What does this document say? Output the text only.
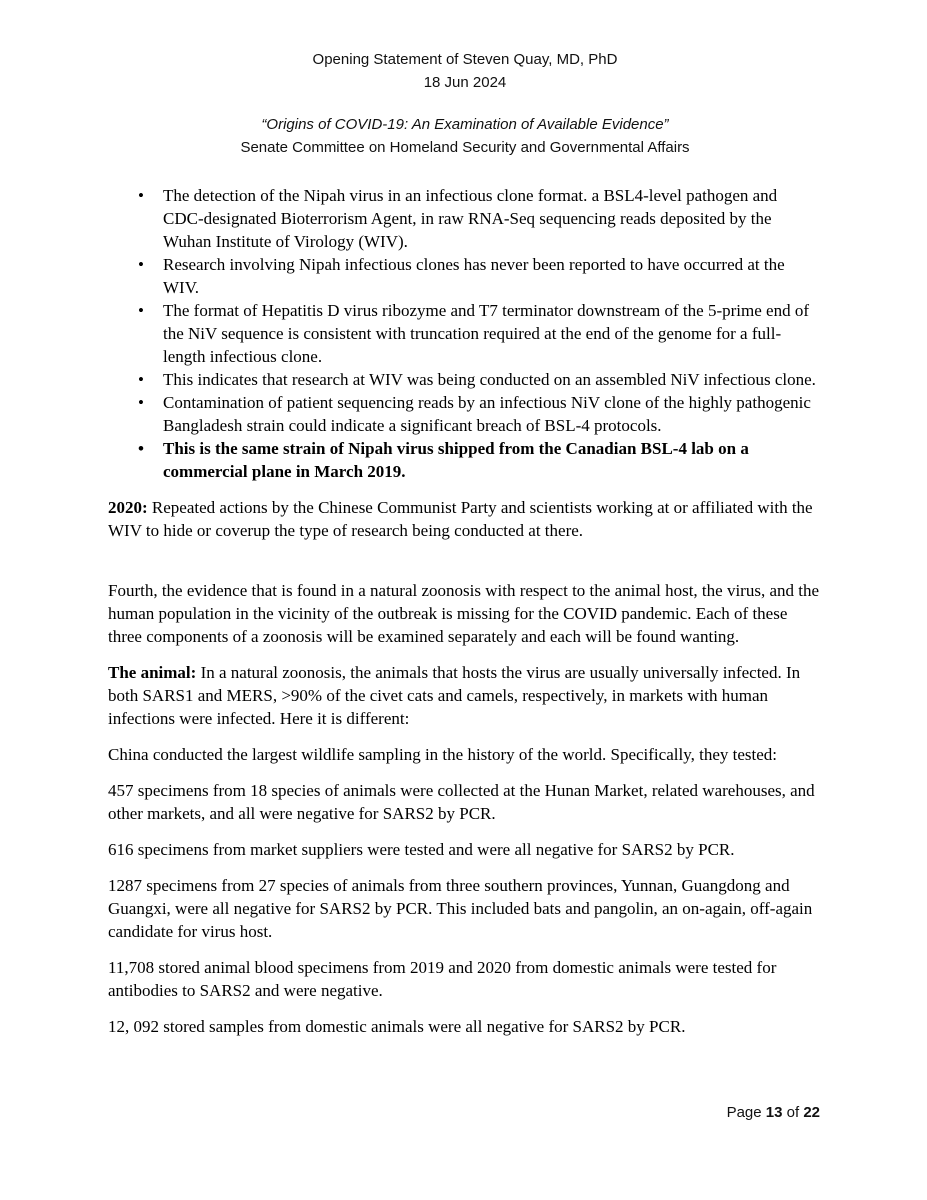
Opening Statement of Steven Quay, MD, PhD
18 Jun 2024
“Origins of COVID-19: An Examination of Available Evidence”
Senate Committee on Homeland Security and Governmental Affairs
• The detection of the Nipah virus in an infectious clone format. a BSL4-level pathogen and CDC-designated Bioterrorism Agent, in raw RNA-Seq sequencing reads deposited by the Wuhan Institute of Virology (WIV).
• Research involving Nipah infectious clones has never been reported to have occurred at the WIV.
• The format of Hepatitis D virus ribozyme and T7 terminator downstream of the 5-prime end of the NiV sequence is consistent with truncation required at the end of the genome for a full-length infectious clone.
• This indicates that research at WIV was being conducted on an assembled NiV infectious clone.
• Contamination of patient sequencing reads by an infectious NiV clone of the highly pathogenic Bangladesh strain could indicate a significant breach of BSL-4 protocols.
• This is the same strain of Nipah virus shipped from the Canadian BSL-4 lab on a commercial plane in March 2019.

2020: Repeated actions by the Chinese Communist Party and scientists working at or affiliated with the WIV to hide or coverup the type of research being conducted at there.

Fourth, the evidence that is found in a natural zoonosis with respect to the animal host, the virus, and the human population in the vicinity of the outbreak is missing for the COVID pandemic. Each of these three components of a zoonosis will be examined separately and each will be found wanting.

The animal: In a natural zoonosis, the animals that hosts the virus are usually universally infected. In both SARS1 and MERS, >90% of the civet cats and camels, respectively, in markets with human infections were infected. Here it is different:

China conducted the largest wildlife sampling in the history of the world. Specifically, they tested:

457 specimens from 18 species of animals were collected at the Hunan Market, related warehouses, and other markets, and all were negative for SARS2 by PCR.

616 specimens from market suppliers were tested and were all negative for SARS2 by PCR.

1287 specimens from 27 species of animals from three southern provinces, Yunnan, Guangdong and Guangxi, were all negative for SARS2 by PCR. This included bats and pangolin, an on-again, off-again candidate for virus host.

11,708 stored animal blood specimens from 2019 and 2020 from domestic animals were tested for antibodies to SARS2 and were negative.

12, 092 stored samples from domestic animals were all negative for SARS2 by PCR.

Page 13 of 22
